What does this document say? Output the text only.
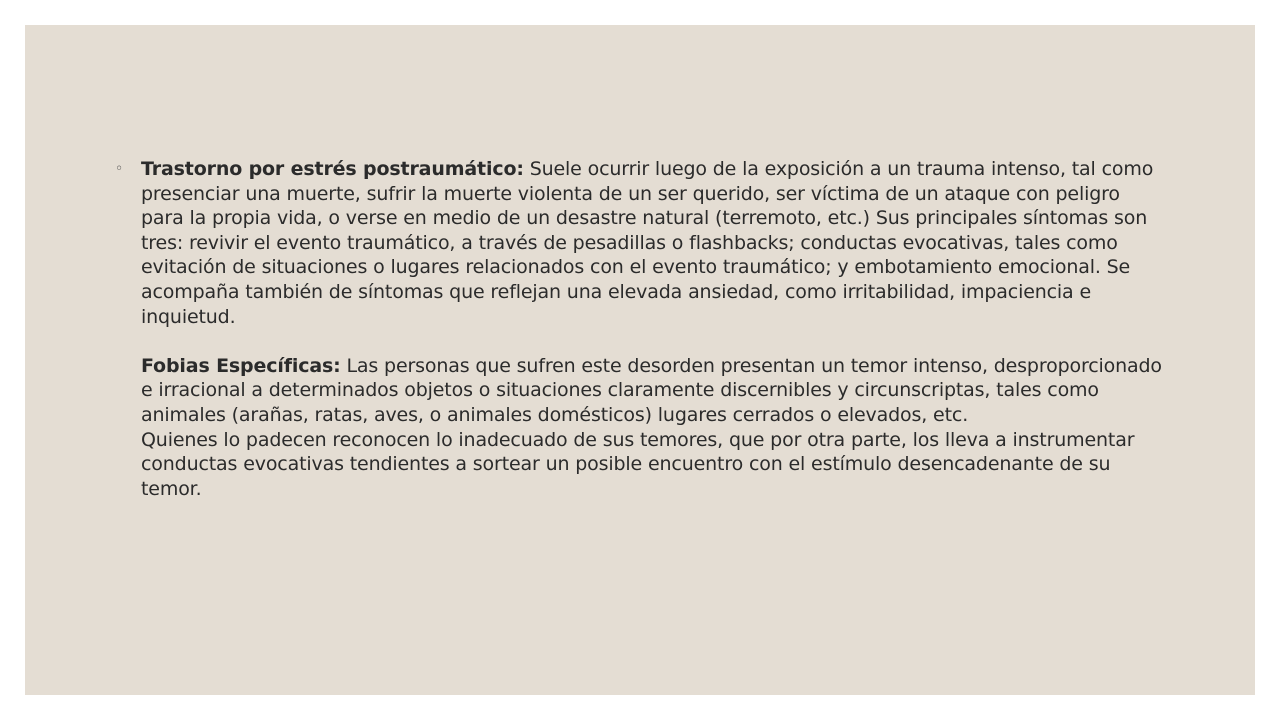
◦ Trastorno por estrés postraumático: Suele ocurrir luego de la exposición a un trauma intenso, tal como presenciar una muerte, sufrir la muerte violenta de un ser querido, ser víctima de un ataque con peligro para la propia vida, o verse en medio de un desastre natural (terremoto, etc.) Sus principales síntomas son tres: revivir el evento traumático, a través de pesadillas o flashbacks; conductas evocativas, tales como evitación de situaciones o lugares relacionados con el evento traumático; y embotamiento emocional. Se acompaña también de síntomas que reflejan una elevada ansiedad, como irritabilidad, impaciencia e inquietud.
Fobias Específicas: Las personas que sufren este desorden presentan un temor intenso, desproporcionado e irracional a determinados objetos o situaciones claramente discernibles y circunscriptas, tales como animales (arañas, ratas, aves, o animales domésticos) lugares cerrados o elevados, etc.
Quienes lo padecen reconocen lo inadecuado de sus temores, que por otra parte, los lleva a instrumentar conductas evocativas tendientes a sortear un posible encuentro con el estímulo desencadenante de su temor.
